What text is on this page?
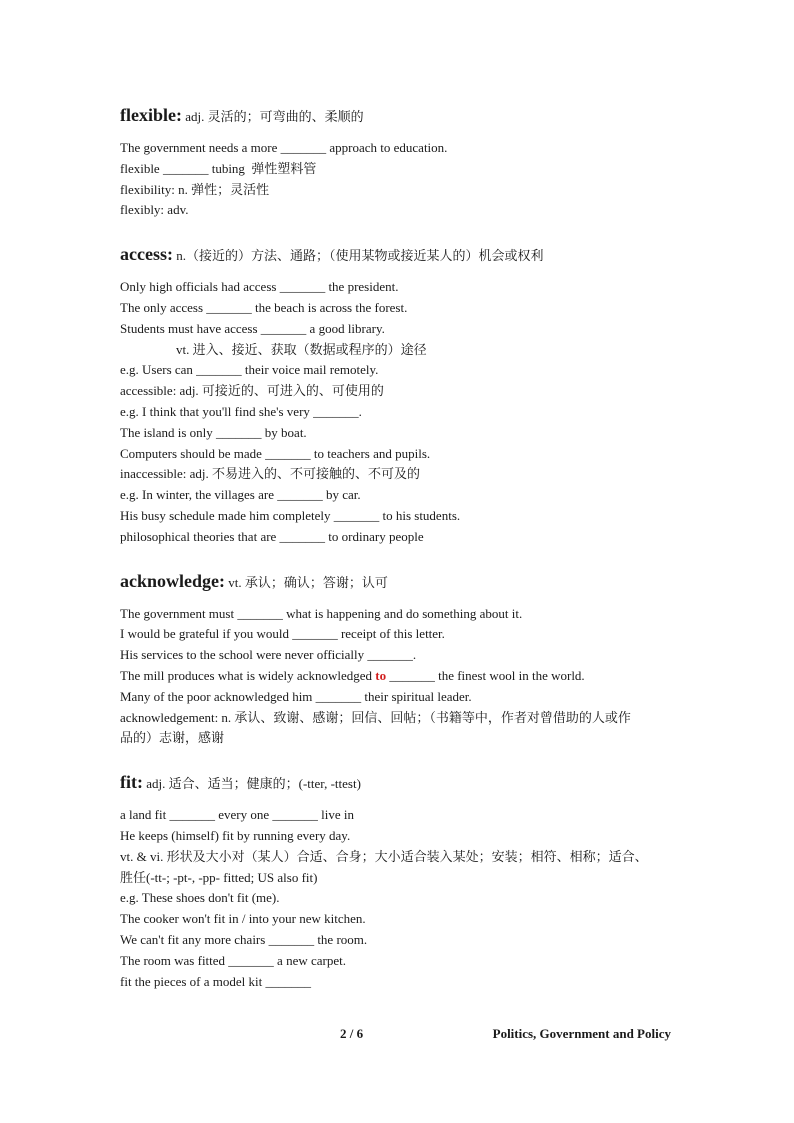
flexible: adj. 灵活的；可弯曲的、柔顺的

The government needs a more _______ approach to education.

flexible _______ tubing  弹性塑料管

flexibility: n. 弹性；灵活性

flexibly: adv.

access: n.（接近的）方法、通路；（使用某物或接近某人的）机会或权利

Only high officials had access _______ the president.

The only access _______ the beach is across the forest.

Students must have access _______ a good library.

vt. 进入、接近、获取（数据或程序的）途径

e.g. Users can _______ their voice mail remotely.

accessible: adj. 可接近的、可进入的、可使用的

e.g. I think that you'll find she's very _______.

The island is only _______ by boat.

Computers should be made _______ to teachers and pupils.

inaccessible: adj. 不易进入的、不可接触的、不可及的

e.g. In winter, the villages are _______ by car.

His busy schedule made him completely _______ to his students.

philosophical theories that are _______ to ordinary people

acknowledge: vt. 承认；确认；答谢；认可

The government must _______ what is happening and do something about it.

I would be grateful if you would _______ receipt of this letter.

His services to the school were never officially _______.

The mill produces what is widely acknowledged to _______ the finest wool in the world.

Many of the poor acknowledged him _______ their spiritual leader.

acknowledgement: n. 承认、致谢、感谢；回信、回帖；（书籍等中，作者对曾借助的人或作

品的）志谢，感谢

fit: adj. 适合、适当；健康的；(-tter, -ttest)

a land fit _______ every one _______ live in

He keeps (himself) fit by running every day.

vt. & vi. 形状及大小对（某人）合适、合身；大小适合装入某处；安装；相符、相称；适合、

胜任(-tt-; -pt-, -pp- fitted; US also fit)

e.g. These shoes don't fit (me).

The cooker won't fit in / into your new kitchen.

We can't fit any more chairs _______ the room.

The room was fitted _______ a new carpet.

fit the pieces of a model kit _______

2 / 6	Politics, Government and Policy
